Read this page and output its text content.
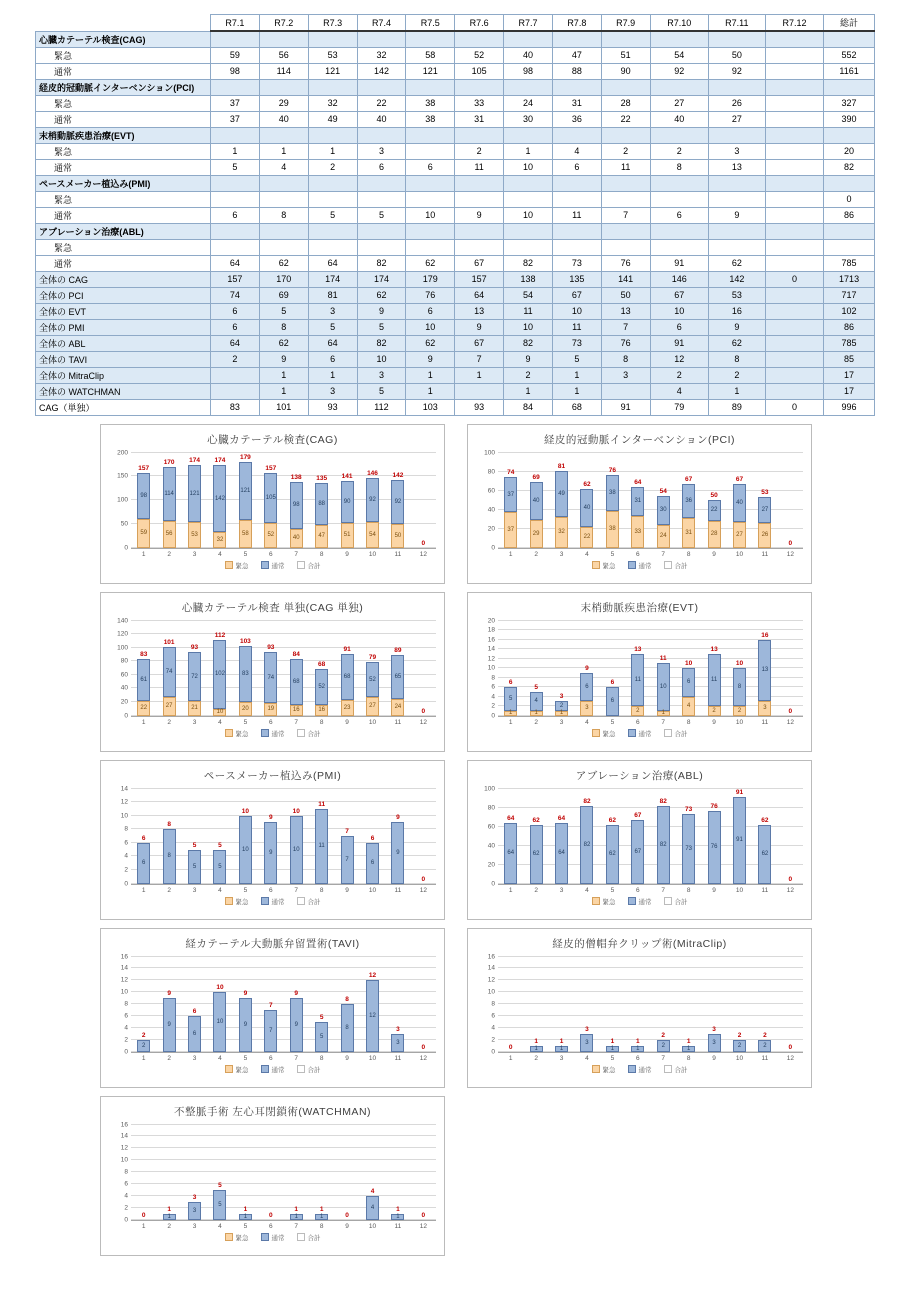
	R7.1	R7.2	R7.3	R7.4	R7.5	R7.6	R7.7	R7.8	R7.9	R7.10	R7.11	R7.12	総計
心臓カテーテル検査(CAG)													
緊急	59	56	53	32	58	52	40	47	51	54	50		552
通常	98	114	121	142	121	105	98	88	90	92	92		1161
経皮的冠動脈インターベンション(PCI)													
緊急	37	29	32	22	38	33	24	31	28	27	26		327
通常	37	40	49	40	38	31	30	36	22	40	27		390
末梢動脈疾患治療(EVT)													
緊急	1	1	1	3		2	1	4	2	2	3		20
通常	5	4	2	6	6	11	10	6	11	8	13		82
ペースメーカー植込み(PMI)													
緊急													0
通常	6	8	5	5	10	9	10	11	7	6	9		86
アブレーション治療(ABL)													
緊急													
通常	64	62	64	82	62	67	82	73	76	91	62		785
全体の CAG	157	170	174	174	179	157	138	135	141	146	142	0	1713
全体の PCI	74	69	81	62	76	64	54	67	50	67	53		717
全体の EVT	6	5	3	9	6	13	11	10	13	10	16		102
全体の PMI	6	8	5	5	10	9	10	11	7	6	9		86
全体の ABL	64	62	64	82	62	67	82	73	76	91	62		785
全体の TAVI	2	9	6	10	9	7	9	5	8	12	8		85
全体の MitraClip		1	1	3	1	1	2	1	3	2	2		17
全体の WATCHMAN		1	3	5	1		1	1		4	1		17
CAG（単独）	83	101	93	112	103	93	84	68	91	79	89	0	996
心臓カテーテル検査(CAG)
0
50
100
150
200
157
98
59
170
114
56
174
121
53
174
142
32
179
121
58
157
105
52
138
98
40
135
88
47
141
90
51
146
92
54
142
92
50
0
1	2	3	4	5	6	7	8	9	10	11	12
緊急	通常	合計
経皮的冠動脈インターベンション(PCI)
0
20
40
60
80
100
74
37
37
69
40
29
81
49
32
62
40
22
76
38
38
64
31
33
54
30
24
67
36
31
50
22
28
67
40
27
53
27
26
0
1	2	3	4	5	6	7	8	9	10	11	12
緊急	通常	合計
心臓カテーテル検査 単独(CAG 単独)
0
20
40
60
80
100
120
140
83
61
22
101
74
27
93
72
21
112
102
10
103
83
20
93
74
19
84
68
16
68
52
16
91
68
23
79
52
27
89
65
24
0
1	2	3	4	5	6	7	8	9	10	11	12
緊急	通常	合計
末梢動脈疾患治療(EVT)
0
2
4
6
8
10
12
14
16
18
20
6
5
1
5
4
1
3
2
1
9
6
3
6
6
13
11
2
11
10
1
10
6
4
13
11
2
10
8
2
16
13
3	0
1	2	3	4	5	6	7	8	9	10	11	12
緊急	通常	合計
ペースメーカー植込み(PMI)
0
2
4
6
8
10
12
14
6
6
8
8
5
5
5
5
10
10
9
9
10
10
11
11
7
7
6
6
9
9
0
1	2	3	4	5	6	7	8	9	10	11	12
緊急	通常	合計
アブレーション治療(ABL)
0
20
40
60
80
100
64
64
62
62
64
64
82
82
62
62
67
67
82
82
73
73
76
76
91
91
62
62
0
1	2	3	4	5	6	7	8	9	10	11	12
緊急	通常	合計
経カテーテル大動脈弁留置術(TAVI)
0
2
4
6
8
10
12
14
16
2
2
9
9
6
6
10
10
9
9
7
7
9
9
5
5
8
8
12
12
3
3
0
1	2	3	4	5	6	7	8	9	10	11	12
緊急	通常	合計
経皮的僧帽弁クリップ術(MitraClip)
0
2
4
6
8
10
12
14
16
0
1
1
1
1
3
3	1
1
1
1
2
2
1
1
3
3
2
2
2
2	0
1	2	3	4	5	6	7	8	9	10	11	12
緊急	通常	合計
不整脈手術 左心耳閉鎖術(WATCHMAN)
0
2
4
6
8
10
12
14
16
0
1
1
3
3
5
5
1
1	0
1
1
1
1	0
4
4	1
1	0
1	2	3	4	5	6	7	8	9	10	11	12
緊急	通常	合計
